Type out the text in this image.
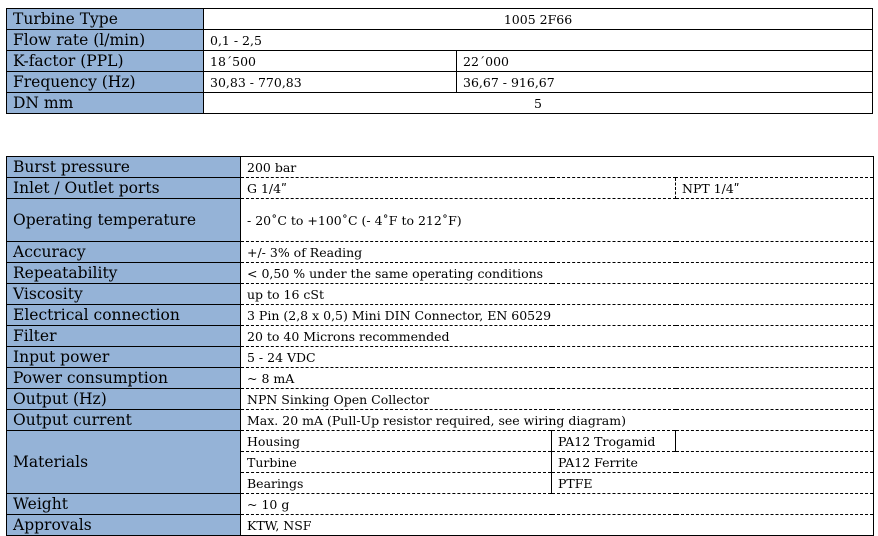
Turbine Type	1005 2F66	
Flow rate (l/min)	0,1 - 2,5	
K-factor (PPL)	18´500	22´000
Frequency (Hz)	30,83 - 770,83	36,67 - 916,67
DN mm	5	
Burst pressure	200 bar		
Inlet / Outlet ports	G 1/4ʺ		NPT 1/4ʺ
Operating temperature	- 20˚C to +100˚C (- 4˚F to 212˚F)		
Accuracy	+/- 3% of Reading		
Repeatability	< 0,50 % under the same operating conditions		
Viscosity	up to 16 cSt		
Electrical connection	3 Pin (2,8 x 0,5) Mini DIN Connector, EN 60529		
Filter	20 to 40 Microns recommended		
Input power	5 - 24 VDC		
Power consumption	~ 8 mA		
Output (Hz)	NPN Sinking Open Collector		
Output current	Max. 20 mA (Pull-Up resistor required, see wiring diagram)		
Materials	Housing	PA12 Trogamid	
	Turbine	PA12 Ferrite	
	Bearings	PTFE	
Weight	~ 10 g		
Approvals	KTW, NSF		
